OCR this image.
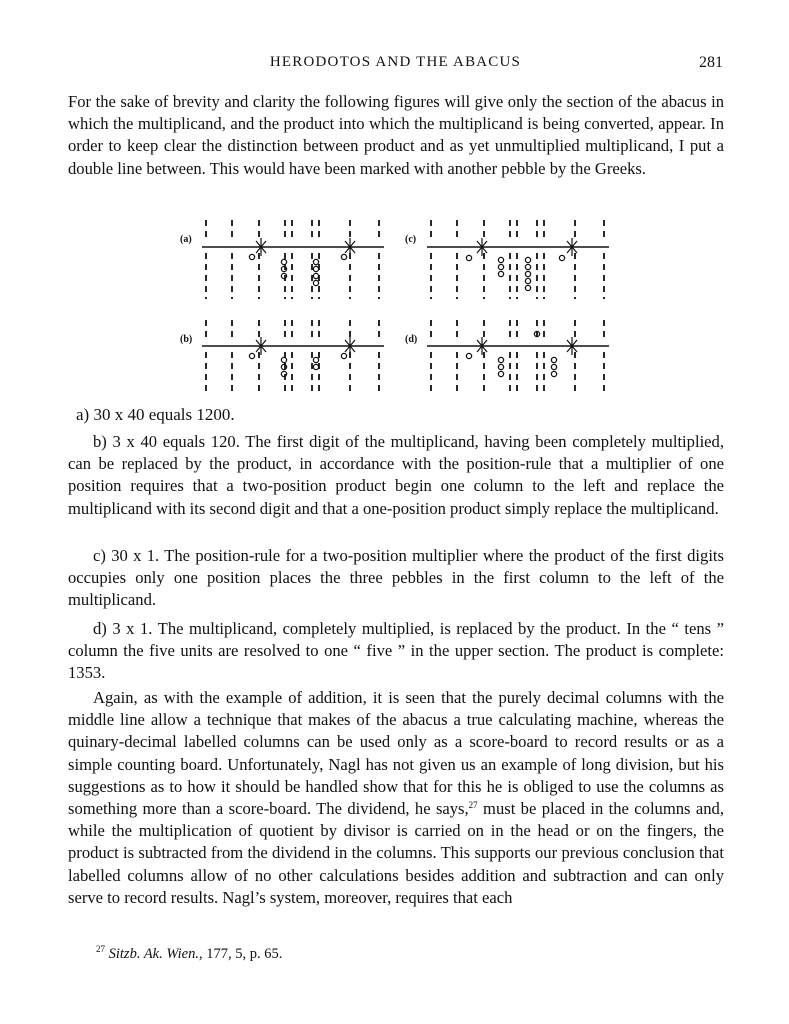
HERODOTOS AND THE ABACUS	281

For the sake of brevity and clarity the following figures will give only the section of the abacus in which the multiplicand, and the product into which the multiplicand is being converted, appear. In order to keep clear the distinction between product and as yet unmultiplied multiplicand, I put a double line between. This would have been marked with another pebble by the Greeks.

(a)	(c)
(b)	(d)

a) 30 x 40 equals 1200.

b) 3 x 40 equals 120. The first digit of the multiplicand, having been completely multiplied, can be replaced by the product, in accordance with the position-rule that a multiplier of one position requires that a two-position product begin one column to the left and replace the multiplicand with its second digit and that a one-position product simply replace the multiplicand.

c) 30 x 1. The position-rule for a two-position multiplier where the product of the first digits occupies only one position places the three pebbles in the first column to the left of the multiplicand.

d) 3 x 1. The multiplicand, completely multiplied, is replaced by the product. In the “ tens ” column the five units are resolved to one “ five ” in the upper section. The product is complete: 1353.

Again, as with the example of addition, it is seen that the purely decimal columns with the middle line allow a technique that makes of the abacus a true calculating machine, whereas the quinary-decimal labelled columns can be used only as a score-board to record results or as a simple counting board. Unfortunately, Nagl has not given us an example of long division, but his suggestions as to how it should be handled show that for this he is obliged to use the columns as something more than a score-board. The dividend, he says,$^{27}$ must be placed in the columns and, while the multiplication of quotient by divisor is carried on in the head or on the fingers, the product is subtracted from the dividend in the columns. This supports our previous conclusion that labelled columns allow of no other calculations besides addition and subtraction and can only serve to record results. Nagl’s system, moreover, requires that each

$^{27}$ Sitzb. Ak. Wien., 177, 5, p. 65.
